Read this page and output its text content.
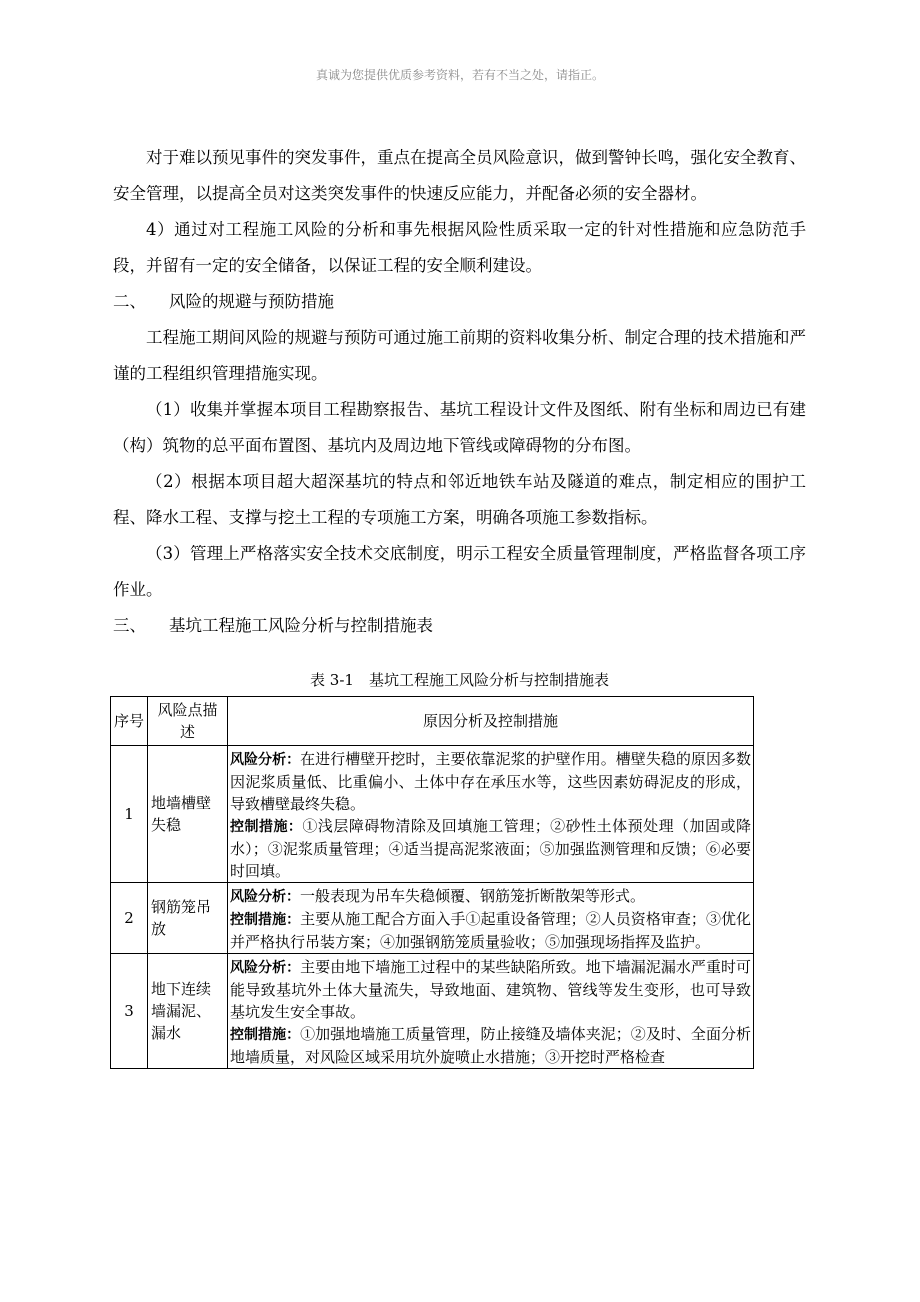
真诚为您提供优质参考资料，若有不当之处，请指正。

对于难以预见事件的突发事件，重点在提高全员风险意识，做到警钟长鸣，强化安全教育、安全管理，以提高全员对这类突发事件的快速反应能力，并配备必须的安全器材。

4）通过对工程施工风险的分析和事先根据风险性质采取一定的针对性措施和应急防范手段，并留有一定的安全储备，以保证工程的安全顺利建设。

二、 风险的规避与预防措施

工程施工期间风险的规避与预防可通过施工前期的资料收集分析、制定合理的技术措施和严谨的工程组织管理措施实现。

（1）收集并掌握本项目工程勘察报告、基坑工程设计文件及图纸、附有坐标和周边已有建（构）筑物的总平面布置图、基坑内及周边地下管线或障碍物的分布图。

（2）根据本项目超大超深基坑的特点和邻近地铁车站及隧道的难点，制定相应的围护工程、降水工程、支撑与挖土工程的专项施工方案，明确各项施工参数指标。

（3）管理上严格落实安全技术交底制度，明示工程安全质量管理制度，严格监督各项工序作业。

三、 基坑工程施工风险分析与控制措施表

表 3-1　基坑工程施工风险分析与控制措施表
序号	风险点描述	原因分析及控制措施
1	地墙槽壁失稳	风险分析：在进行槽壁开挖时，主要依靠泥浆的护壁作用。槽壁失稳的原因多数因泥浆质量低、比重偏小、土体中存在承压水等，这些因素妨碍泥皮的形成，导致槽壁最终失稳。
控制措施：①浅层障碍物清除及回填施工管理；②砂性土体预处理（加固或降水）；③泥浆质量管理；④适当提高泥浆液面；⑤加强监测管理和反馈；⑥必要时回填。

2	钢筋笼吊放	风险分析：一般表现为吊车失稳倾覆、钢筋笼折断散架等形式。
控制措施：主要从施工配合方面入手①起重设备管理；②人员资格审查；③优化并严格执行吊装方案；④加强钢筋笼质量验收；⑤加强现场指挥及监护。

3	地下连续墙漏泥、漏水	风险分析：主要由地下墙施工过程中的某些缺陷所致。地下墙漏泥漏水严重时可能导致基坑外土体大量流失，导致地面、建筑物、管线等发生变形，也可导致基坑发生安全事故。
控制措施：①加强地墙施工质量管理，防止接缝及墙体夹泥；②及时、全面分析地墙质量，对风险区域采用坑外旋喷止水措施；③开挖时严格检查
